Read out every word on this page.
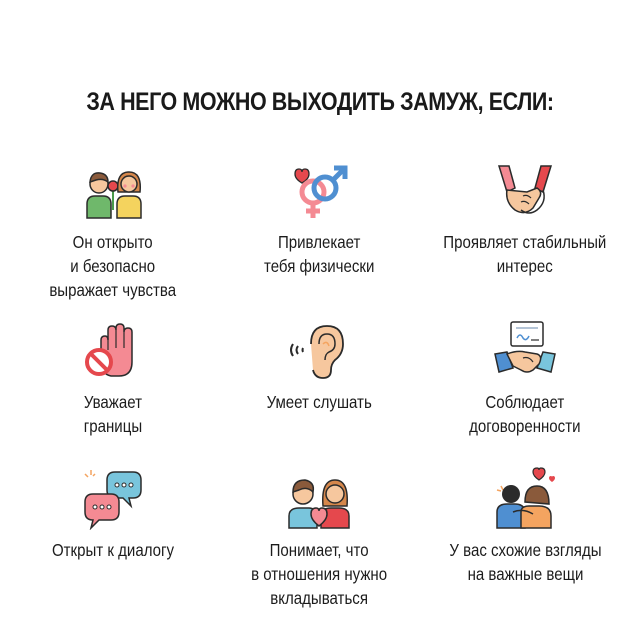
ЗА НЕГО МОЖНО ВЫХОДИТЬ ЗАМУЖ, ЕСЛИ:
Он открыто
и безопасно
выражает чувства
Привлекает
тебя физически
Проявляет стабильный
интерес
Уважает
границы
Умеет слушать	Соблюдает
договоренности
Открыт к диалогу	Понимает, что
в отношения нужно
вкладываться
У вас схожие взгляды
на важные вещи
